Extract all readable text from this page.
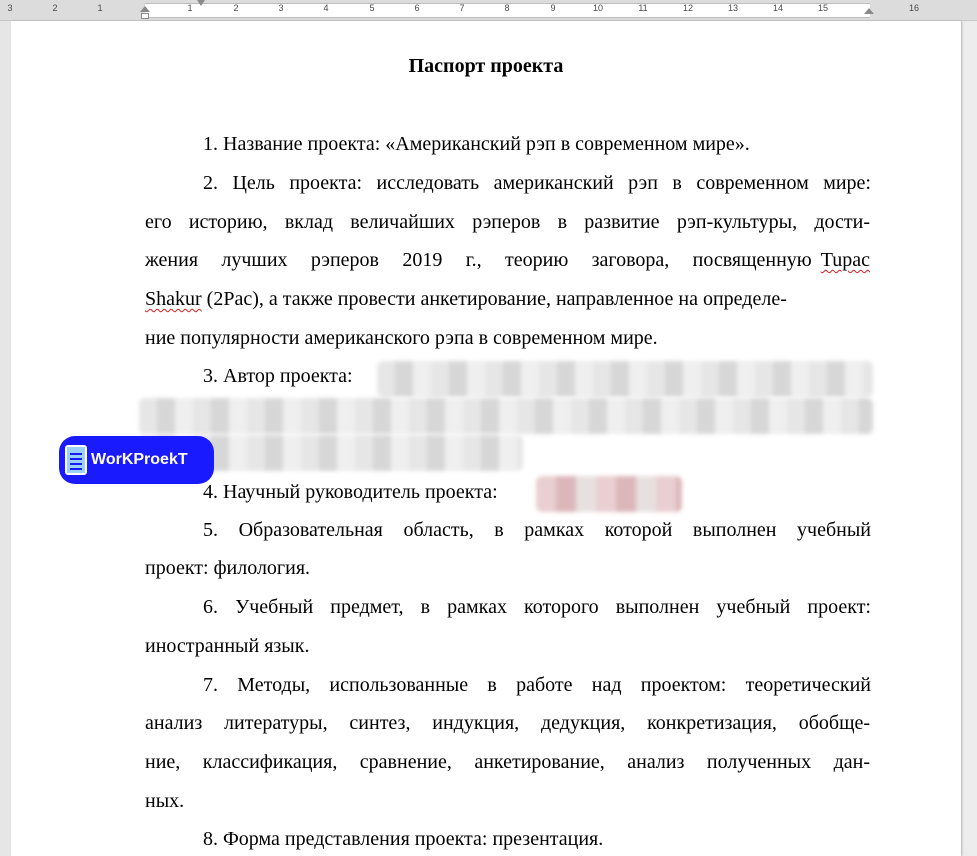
3	2	1	1	2	3	4	5	6	7	8	9	10	11	12	13	14	15	16
Паспорт проекта
1. Название проекта: «Американский рэп в современном мире».
2. Цель проекта: исследовать американский рэп в современном мире:
его историю, вклад величайших рэперов в развитие рэп-культуры, дости-
жения лучших рэперов 2019 г., теорию заговора, посвященную Tupac
Shakur (2Pac), а также провести анкетирование, направленное на определе-
ние популярности американского рэпа в современном мире.
3. Автор проекта:
4. Научный руководитель проекта:
5. Образовательная область, в рамках которой выполнен учебный
проект: филология.
6. Учебный предмет, в рамках которого выполнен учебный проект:
иностранный язык.
7. Методы, использованные в работе над проектом: теоретический
анализ литературы, синтез, индукция, дедукция, конкретизация, обобще-
ние, классификация, сравнение, анкетирование, анализ полученных дан-
ных.
8. Форма представления проекта: презентация.
WorKProekT
